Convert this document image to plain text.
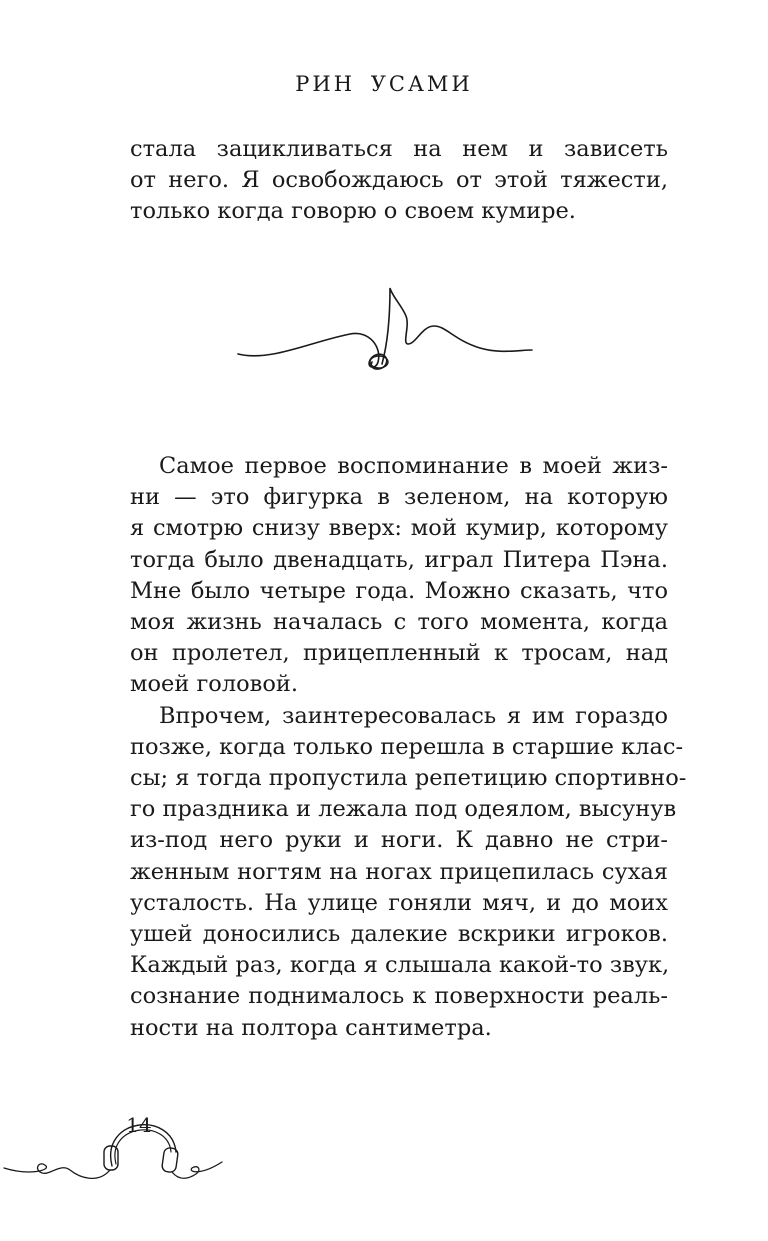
РИН УСАМИ
стала зацикливаться на нем и зависеть
от него. Я освобождаюсь от этой тяжести,
только когда говорю о своем кумире.
Самое первое воспоминание в моей жиз-
ни — это фигурка в зеленом, на которую
я смотрю снизу вверх: мой кумир, которому
тогда было двенадцать, играл Питера Пэна.
Мне было четыре года. Можно сказать, что
моя жизнь началась с того момента, когда
он пролетел, прицепленный к тросам, над
моей головой.
Впрочем, заинтересовалась я им гораздо
позже, когда только перешла в старшие клас-
сы; я тогда пропустила репетицию спортивно-
го праздника и лежала под одеялом, высунув
из-под него руки и ноги. К давно не стри-
женным ногтям на ногах прицепилась сухая
усталость. На улице гоняли мяч, и до моих
ушей доносились далекие вскрики игроков.
Каждый раз, когда я слышала какой-то звук,
сознание поднималось к поверхности реаль-
ности на полтора сантиметра.
14
